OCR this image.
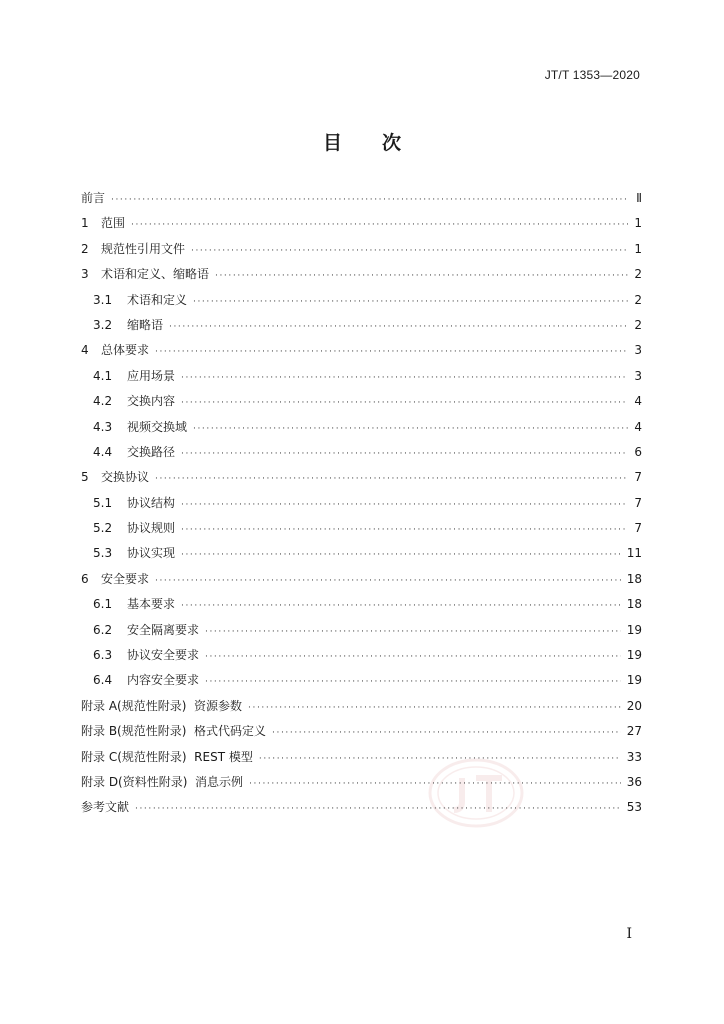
JT/T 1353—2020
目 次
前言 ·····	Ⅱ
1	范围 ·····	1
2	规范性引用文件 ·····	1
3	术语和定义、缩略语 ·····	2
3.1	术语和定义 ·····	2
3.2	缩略语 ·····	2
4	总体要求 ·····	3
4.1	应用场景 ·····	3
4.2	交换内容 ·····	4
4.3	视频交换域 ·····	4
4.4	交换路径 ·····	6
5	交换协议 ·····	7
5.1	协议结构 ·····	7
5.2	协议规则 ·····	7
5.3	协议实现 ·····	11
6	安全要求 ·····	18
6.1	基本要求 ·····	18
6.2	安全隔离要求 ·····	19
6.3	协议安全要求 ·····	19
6.4	内容安全要求 ·····	19
附录 A(规范性附录)  资源参数 ·····	20
附录 B(规范性附录)  格式代码定义 ·····	27
附录 C(规范性附录)  REST 模型 ·····	33
附录 D(资料性附录)  消息示例 ·····	36
参考文献 ·····	53
I
